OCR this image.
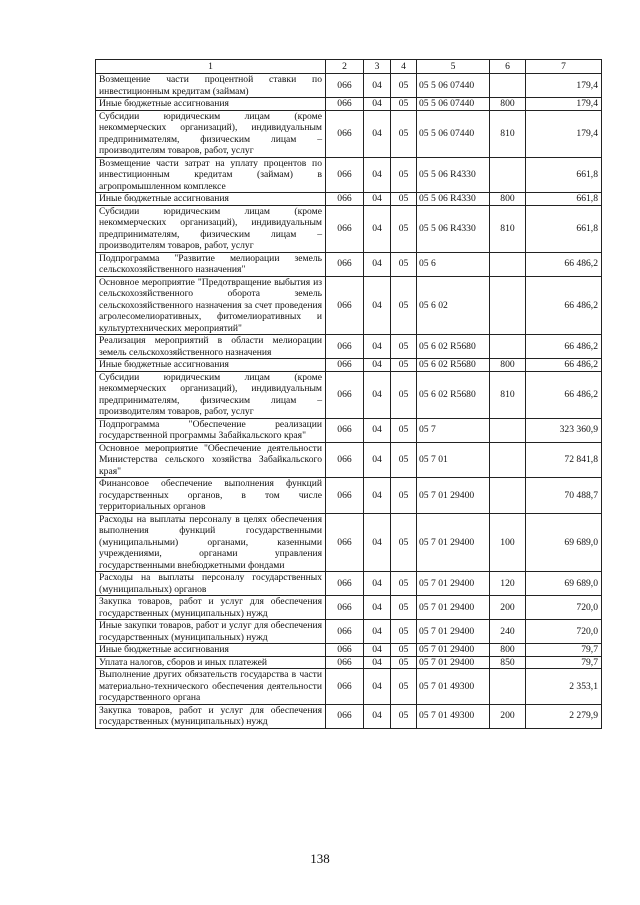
1	2	3	4	5	6	7
Возмещение части процентной ставки по инвестиционным кредитам (займам)	066	04	05	05 5 06 07440		179,4
Иные бюджетные ассигнования	066	04	05	05 5 06 07440	800	179,4
Субсидии юридическим лицам (кроме некоммерческих организаций), индивидуальным предпринимателям, физическим лицам – производителям товаров, работ, услуг	066	04	05	05 5 06 07440	810	179,4
Возмещение части затрат на уплату процентов по инвестиционным кредитам (займам) в агропромышленном комплексе	066	04	05	05 5 06 R4330		661,8
Иные бюджетные ассигнования	066	04	05	05 5 06 R4330	800	661,8
Субсидии юридическим лицам (кроме некоммерческих организаций), индивидуальным предпринимателям, физическим лицам – производителям товаров, работ, услуг	066	04	05	05 5 06 R4330	810	661,8
Подпрограмма "Развитие мелиорации земель сельскохозяйственного назначения"	066	04	05	05 6		66 486,2
Основное мероприятие "Предотвращение выбытия из сельскохозяйственного оборота земель сельскохозяйственного назначения за счет проведения агролесомелиоративных, фитомелиоративных и культуртехнических мероприятий"	066	04	05	05 6 02		66 486,2
Реализация мероприятий в области мелиорации земель сельскохозяйственного назначения	066	04	05	05 6 02 R5680		66 486,2
Иные бюджетные ассигнования	066	04	05	05 6 02 R5680	800	66 486,2
Субсидии юридическим лицам (кроме некоммерческих организаций), индивидуальным предпринимателям, физическим лицам – производителям товаров, работ, услуг	066	04	05	05 6 02 R5680	810	66 486,2
Подпрограмма "Обеспечение реализации государственной программы Забайкальского края"	066	04	05	05 7		323 360,9
Основное мероприятие "Обеспечение деятельности Министерства сельского хозяйства Забайкальского края"	066	04	05	05 7 01		72 841,8
Финансовое обеспечение выполнения функций государственных органов, в том числе территориальных органов	066	04	05	05 7 01 29400		70 488,7
Расходы на выплаты персоналу в целях обеспечения выполнения функций государственными (муниципальными) органами, казенными учреждениями, органами управления государственными внебюджетными фондами	066	04	05	05 7 01 29400	100	69 689,0
Расходы на выплаты персоналу государственных (муниципальных) органов	066	04	05	05 7 01 29400	120	69 689,0
Закупка товаров, работ и услуг для обеспечения государственных (муниципальных) нужд	066	04	05	05 7 01 29400	200	720,0
Иные закупки товаров, работ и услуг для обеспечения государственных (муниципальных) нужд	066	04	05	05 7 01 29400	240	720,0
Иные бюджетные ассигнования	066	04	05	05 7 01 29400	800	79,7
Уплата налогов, сборов и иных платежей	066	04	05	05 7 01 29400	850	79,7
Выполнение других обязательств государства в части материально-технического обеспечения деятельности государственного органа	066	04	05	05 7 01 49300		2 353,1
Закупка товаров, работ и услуг для обеспечения государственных (муниципальных) нужд	066	04	05	05 7 01 49300	200	2 279,9
138
